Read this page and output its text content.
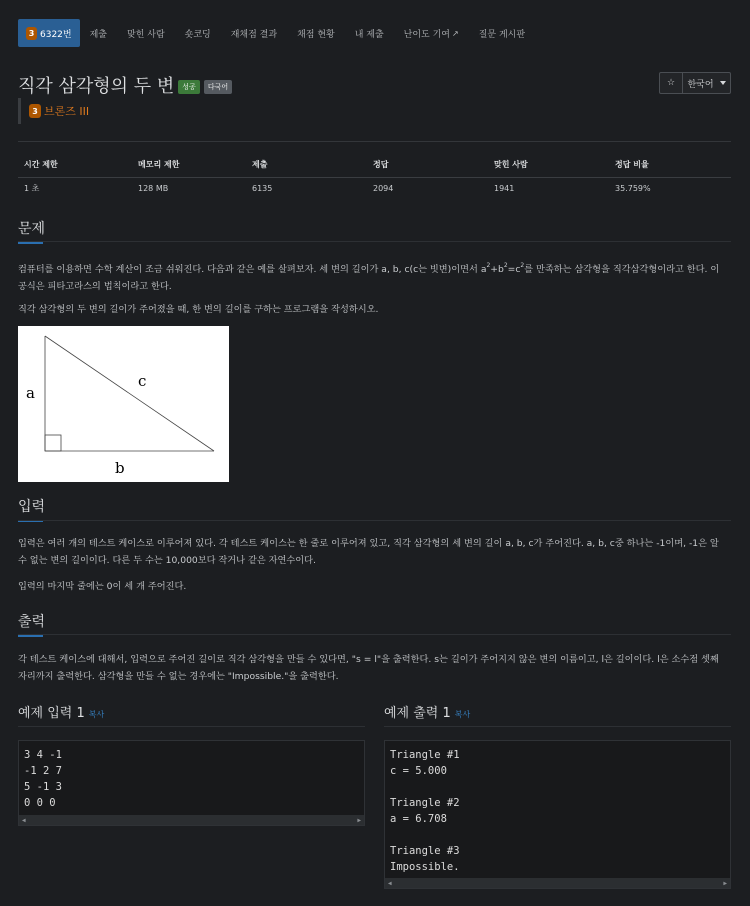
3 6322번	제출	맞힌 사람	숏코딩	재채점 결과	채점 현황	내 제출	난이도 기여 ↗	질문 게시판
직각 삼각형의 두 변	성공	다국어	☆ 한국어
3 브론즈 III
시간 제한	메모리 제한	제출	정답	맞힌 사람	정답 비율
1 초	128 MB	6135	2094	1941	35.759%
문제

컴퓨터를 이용하면 수학 계산이 조금 쉬워진다. 다음과 같은 예를 살펴보자. 세 변의 길이가 a, b, c(c는 빗변)이면서 $a^2+b^2=c^2$를 만족하는 삼각형을 직각삼각형이라고 한다. 이 공식은 피타고라스의 법칙이라고 한다.

직각 삼각형의 두 변의 길이가 주어졌을 때, 한 변의 길이를 구하는 프로그램을 작성하시오.

a
c
b
입력

입력은 여러 개의 테스트 케이스로 이루어져 있다. 각 테스트 케이스는 한 줄로 이루어져 있고, 직각 삼각형의 세 변의 길이 a, b, c가 주어진다. a, b, c중 하나는 -1이며, -1은 알 수 없는 변의 길이이다. 다른 두 수는 10,000보다 작거나 같은 자연수이다.

입력의 마지막 줄에는 0이 세 개 주어진다.

출력

각 테스트 케이스에 대해서, 입력으로 주어진 길이로 직각 삼각형을 만들 수 있다면, "s = l"을 출력한다. s는 길이가 주어지지 않은 변의 이름이고, l은 길이이다. l은 소수점 셋째 자리까지 출력한다. 삼각형을 만들 수 없는 경우에는 "Impossible."을 출력한다.

예제 입력 1 복사
3 4 -1
-1 2 7
5 -1 3
0 0 0
◀	▶
예제 출력 1 복사
Triangle #1
c = 5.000

Triangle #2
a = 6.708

Triangle #3
Impossible.
◀	▶
